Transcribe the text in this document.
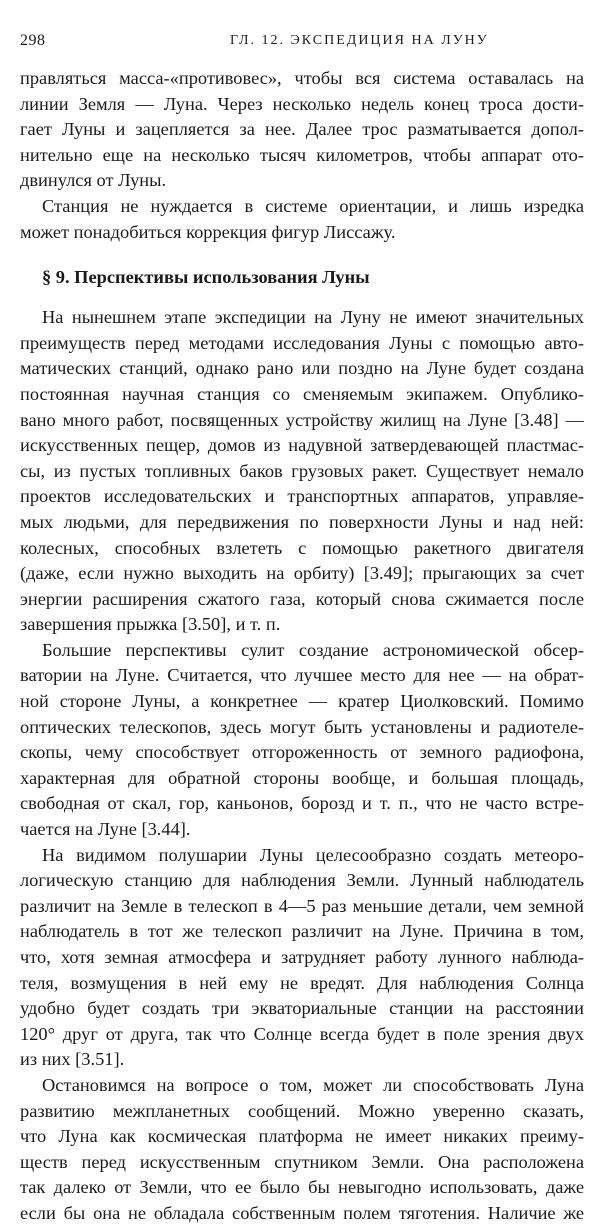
298	ГЛ. 12. ЭКСПЕДИЦИЯ НА ЛУНУ
правляться масса-«противовес», чтобы вся система оставалась на
линии Земля — Луна. Через несколько недель конец троса дости-
гает Луны и зацепляется за нее. Далее трос разматывается допол-
нительно еще на несколько тысяч километров, чтобы аппарат ото-
двинулся от Луны.
Станция не нуждается в системе ориентации, и лишь изредка
может понадобиться коррекция фигур Лиссажу.
§ 9. Перспективы использования Луны
На нынешнем этапе экспедиции на Луну не имеют значительных
преимуществ перед методами исследования Луны с помощью авто-
матических станций, однако рано или поздно на Луне будет создана
постоянная научная станция со сменяемым экипажем. Опублико-
вано много работ, посвященных устройству жилищ на Луне [3.48] —
искусственных пещер, домов из надувной затвердевающей пластмас-
сы, из пустых топливных баков грузовых ракет. Существует немало
проектов исследовательских и транспортных аппаратов, управляе-
мых людьми, для передвижения по поверхности Луны и над ней:
колесных, способных взлететь с помощью ракетного двигателя
(даже, если нужно выходить на орбиту) [3.49]; прыгающих за счет
энергии расширения сжатого газа, который снова сжимается после
завершения прыжка [3.50], и т. п.
Большие перспективы сулит создание астрономической обсер-
ватории на Луне. Считается, что лучшее место для нее — на обрат-
ной стороне Луны, а конкретнее — кратер Циолковский. Помимо
оптических телескопов, здесь могут быть установлены и радиотеле-
скопы, чему способствует отгороженность от земного радиофона,
характерная для обратной стороны вообще, и большая площадь,
свободная от скал, гор, каньонов, борозд и т. п., что не часто встре-
чается на Луне [3.44].
На видимом полушарии Луны целесообразно создать метеоро-
логическую станцию для наблюдения Земли. Лунный наблюдатель
различит на Земле в телескоп в 4—5 раз меньшие детали, чем земной
наблюдатель в тот же телескоп различит на Луне. Причина в том,
что, хотя земная атмосфера и затрудняет работу лунного наблюда-
теля, возмущения в ней ему не вредят. Для наблюдения Солнца
удобно будет создать три экваториальные станции на расстоянии
120° друг от друга, так что Солнце всегда будет в поле зрения двух
из них [3.51].
Остановимся на вопросе о том, может ли способствовать Луна
развитию межпланетных сообщений. Можно уверенно сказать,
что Луна как космическая платформа не имеет никаких преиму-
ществ перед искусственным спутником Земли. Она расположена
так далеко от Земли, что ее было бы невыгодно использовать, даже
если бы она не обладала собственным полем тяготения. Наличие же
